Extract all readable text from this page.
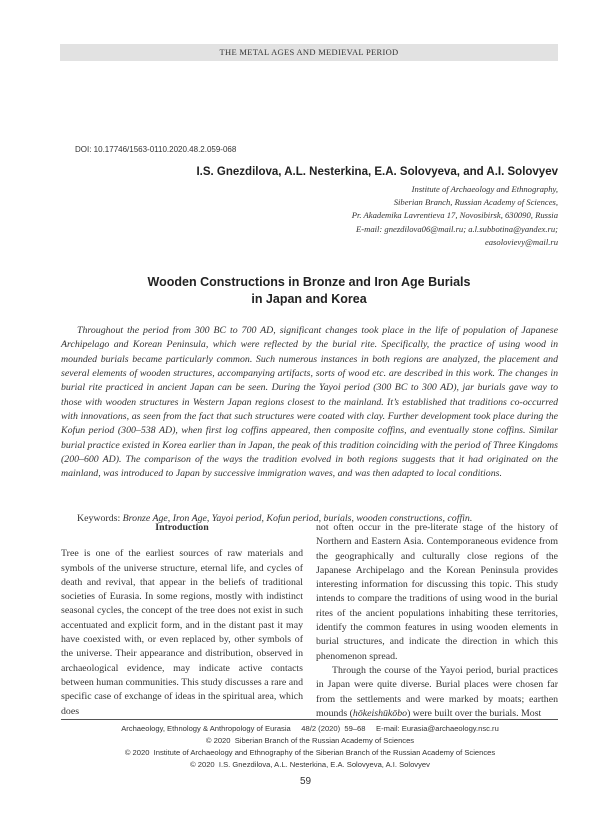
THE METAL AGES AND MEDIEVAL PERIOD
DOI: 10.17746/1563-0110.2020.48.2.059-068
I.S. Gnezdilova, A.L. Nesterkina, E.A. Solovyeva, and A.I. Solovyev
Institute of Archaeology and Ethnography,
Siberian Branch, Russian Academy of Sciences,
Pr. Akademika Lavrentieva 17, Novosibirsk, 630090, Russia
E-mail: gnezdilova06@mail.ru; a.l.subbotina@yandex.ru;
easolovievy@mail.ru
Wooden Constructions in Bronze and Iron Age Burials
in Japan and Korea
Throughout the period from 300 BC to 700 AD, significant changes took place in the life of population of Japanese Archipelago and Korean Peninsula, which were reflected by the burial rite. Specifically, the practice of using wood in mounded burials became particularly common. Such numerous instances in both regions are analyzed, the placement and several elements of wooden structures, accompanying artifacts, sorts of wood etc. are described in this work. The changes in burial rite practiced in ancient Japan can be seen. During the Yayoi period (300 BC to 300 AD), jar burials gave way to those with wooden structures in Western Japan regions closest to the mainland. It’s established that traditions co-occurred with innovations, as seen from the fact that such structures were coated with clay. Further development took place during the Kofun period (300–538 AD), when first log coffins appeared, then composite coffins, and eventually stone coffins. Similar burial practice existed in Korea earlier than in Japan, the peak of this tradition coinciding with the period of Three Kingdoms (200–600 AD). The comparison of the ways the tradition evolved in both regions suggests that it had originated on the mainland, was introduced to Japan by successive immigration waves, and was then adapted to local conditions.
Keywords: Bronze Age, Iron Age, Yayoi period, Kofun period, burials, wooden constructions, coffin.
Introduction

Tree is one of the earliest sources of raw materials and symbols of the universe structure, eternal life, and cycles of death and revival, that appear in the beliefs of traditional societies of Eurasia. In some regions, mostly with indistinct seasonal cycles, the concept of the tree does not exist in such accentuated and explicit form, and in the distant past it may have coexisted with, or even replaced by, other symbols of the universe. Their appearance and distribution, observed in archaeological evidence, may indicate active contacts between human communities. This study discusses a rare and specific case of exchange of ideas in the spiritual area, which does

not often occur in the pre-literate stage of the history of Northern and Eastern Asia. Contemporaneous evidence from the geographically and culturally close regions of the Japanese Archipelago and the Korean Peninsula provides interesting information for discussing this topic. This study intends to compare the traditions of using wood in the burial rites of the ancient populations inhabiting these territories, identify the common features in using wooden elements in burial structures, and indicate the direction in which this phenomenon spread.

Through the course of the Yayoi period, burial practices in Japan were quite diverse. Burial places were chosen far from the settlements and were marked by moats; earthen mounds (hōkeishūkōbo) were built over the burials. Most

Archaeology, Ethnology & Anthropology of Eurasia     48/2 (2020)  59–68     E-mail: Eurasia@archaeology.nsc.ru
© 2020  Siberian Branch of the Russian Academy of Sciences
© 2020  Institute of Archaeology and Ethnography of the Siberian Branch of the Russian Academy of Sciences
© 2020  I.S. Gnezdilova, A.L. Nesterkina, E.A. Solovyeva, A.I. Solovyev
59
